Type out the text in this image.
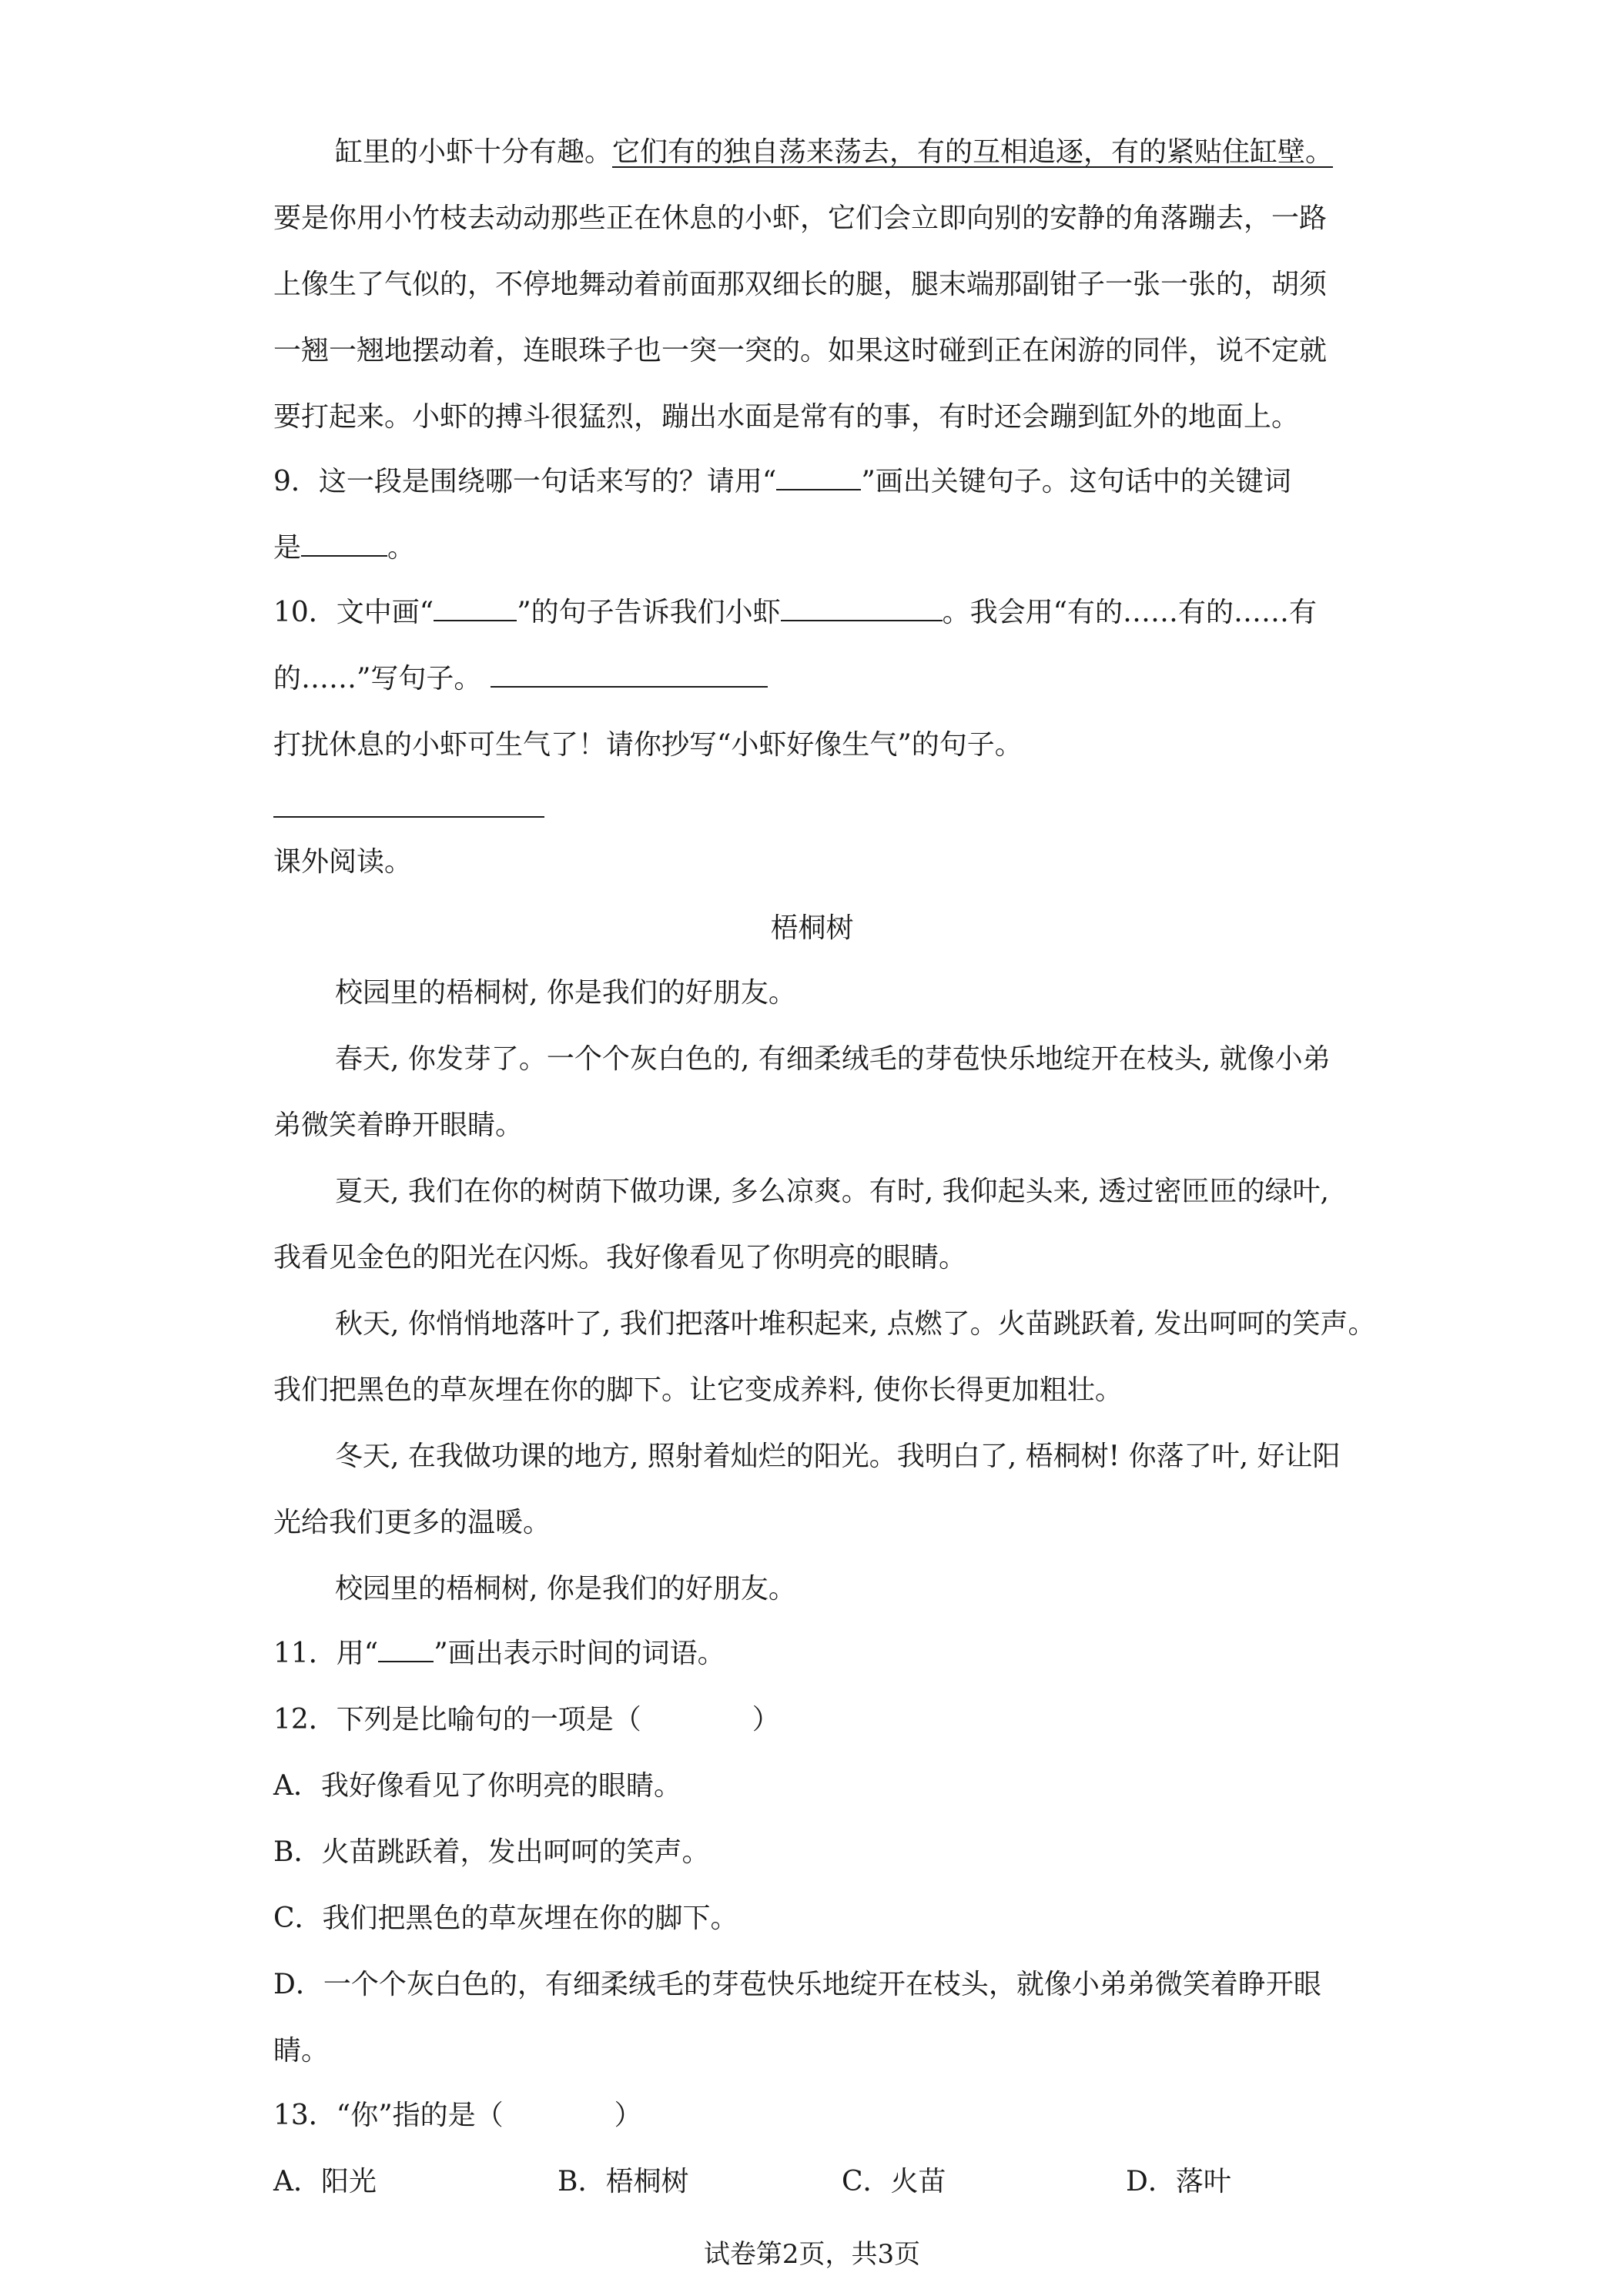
缸里的小虾十分有趣。它们有的独自荡来荡去，有的互相追逐，有的紧贴住缸壁。

要是你用小竹枝去动动那些正在休息的小虾，它们会立即向别的安静的角落蹦去，一路

上像生了气似的，不停地舞动着前面那双细长的腿，腿末端那副钳子一张一张的，胡须

一翘一翘地摆动着，连眼珠子也一突一突的。如果这时碰到正在闲游的同伴，说不定就

要打起来。小虾的搏斗很猛烈，蹦出水面是常有的事，有时还会蹦到缸外的地面上。

9．这一段是围绕哪一句话来写的？请用“	”画出关键句子。这句话中的关键词

是	。

10．文中画“	”的句子告诉我们小虾	。我会用“有的……有的……有

的……”写句子。

打扰休息的小虾可生气了！请你抄写“小虾好像生气”的句子。

课外阅读。

梧桐树

校园里的梧桐树, 你是我们的好朋友。

春天, 你发芽了。一个个灰白色的, 有细柔绒毛的芽苞快乐地绽开在枝头, 就像小弟

弟微笑着睁开眼睛。

夏天, 我们在你的树荫下做功课, 多么凉爽。有时, 我仰起头来, 透过密匝匝的绿叶,

我看见金色的阳光在闪烁。我好像看见了你明亮的眼睛。

秋天, 你悄悄地落叶了, 我们把落叶堆积起来, 点燃了。火苗跳跃着, 发出呵呵的笑声。

我们把黑色的草灰埋在你的脚下。让它变成养料, 使你长得更加粗壮。

冬天, 在我做功课的地方, 照射着灿烂的阳光。我明白了, 梧桐树! 你落了叶, 好让阳

光给我们更多的温暖。

校园里的梧桐树, 你是我们的好朋友。

11．用“ ”画出表示时间的词语。

12．下列是比喻句的一项是（　　　　）

A．我好像看见了你明亮的眼睛。

B．火苗跳跃着，发出呵呵的笑声。

C．我们把黑色的草灰埋在你的脚下。

D．一个个灰白色的，有细柔绒毛的芽苞快乐地绽开在枝头，就像小弟弟微笑着睁开眼

睛。

13．“你”指的是（　　　　）

A．阳光	B．梧桐树	C．火苗	D．落叶
试卷第2页，共3页
